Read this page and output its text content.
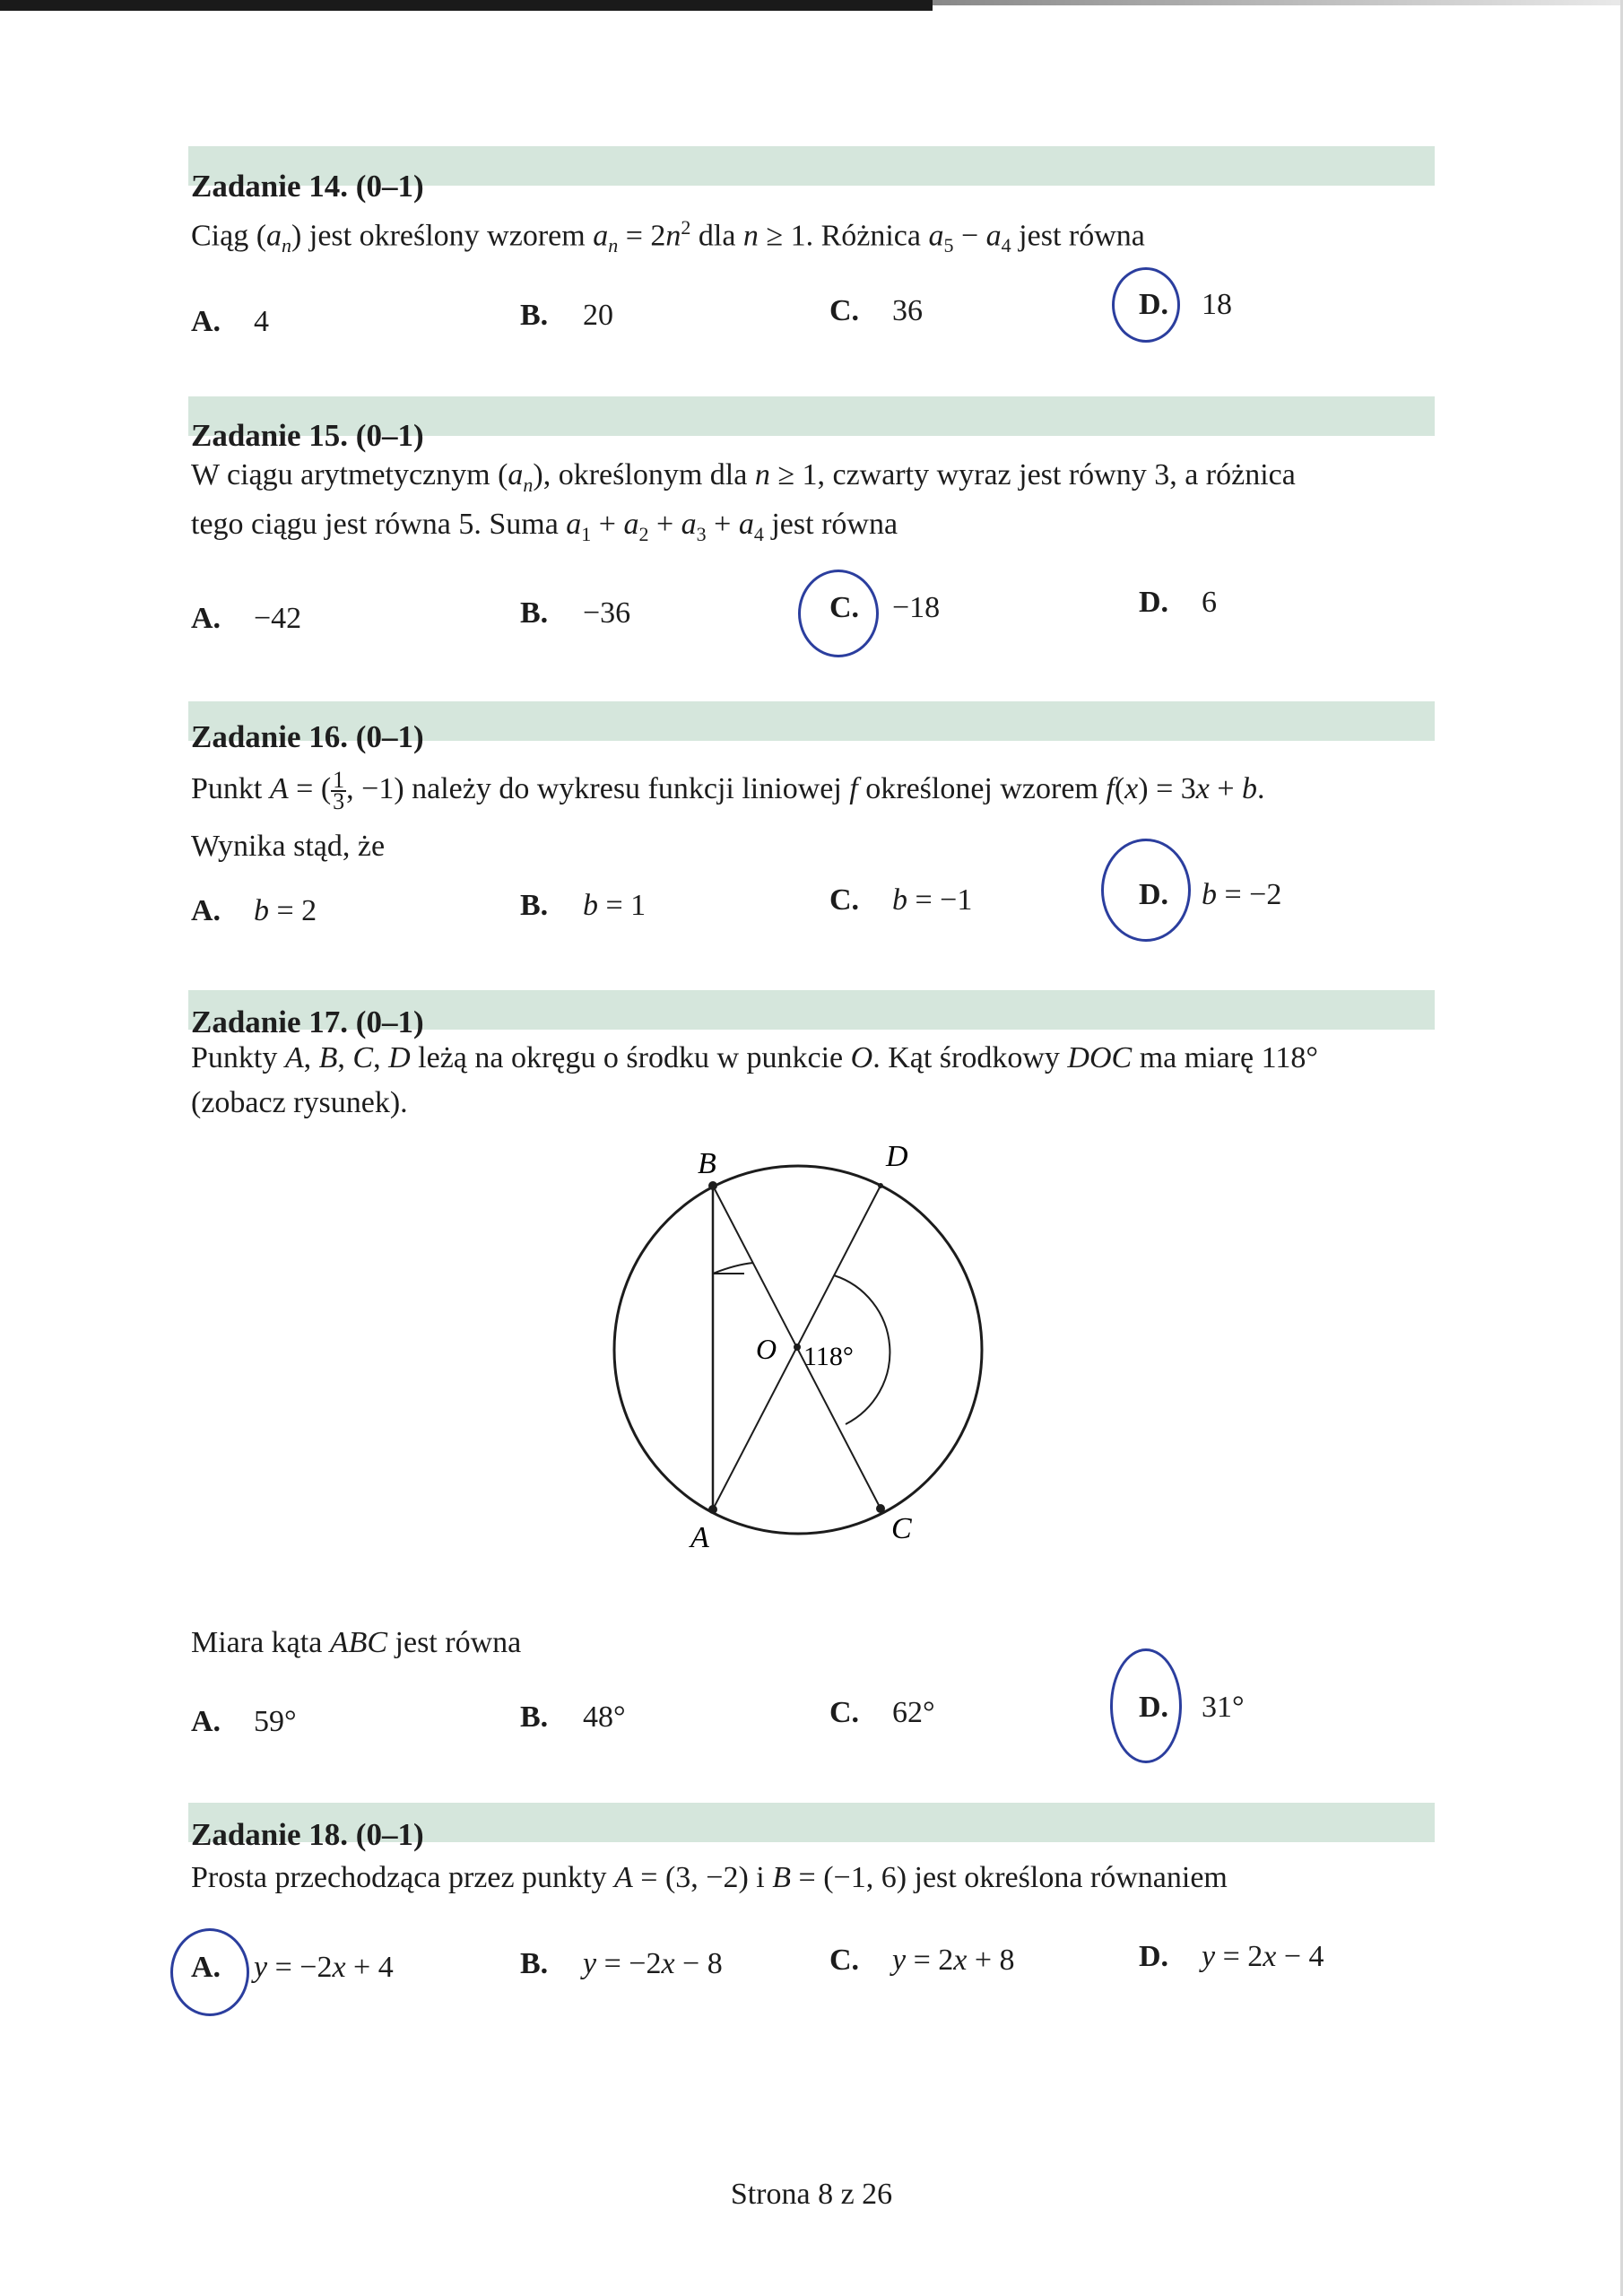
Zadanie 14. (0–1)
Ciąg $(a_n)$ jest określony wzorem $a_n = 2n^2$ dla n ≥ 1. Różnica $a_5 - a_4$ jest równa
A. 4	B. 20	C. 36	D. 18
Zadanie 15. (0–1)
W ciągu arytmetycznym $(a_n)$, określonym dla n ≥ 1, czwarty wyraz jest równy 3, a różnica
tego ciągu jest równa 5. Suma $a_1 + a_2 + a_3 + a_4$ jest równa
A. −42	B. −36	C. −18	D. 6
Zadanie 16. (0–1)
Punkt A = ( $\frac{1}{3}$ , −1) należy do wykresu funkcji liniowej f określonej wzorem f(x) = 3x + b.
Wynika stąd, że
A. b = 2	B. b = 1	C. b = −1	D. b = −2
Zadanie 17. (0–1)
Punkty A, B, C, D leżą na okręgu o środku w punkcie O. Kąt środkowy DOC ma miarę 118°
(zobacz rysunek).
B	D
O 118°
A	C
Miara kąta ABC jest równa
A. 59°	B. 48°	C. 62°	D. 31°
Zadanie 18. (0–1)
Prosta przechodząca przez punkty A = (3, −2) i B = (−1, 6) jest określona równaniem
A. y = −2x + 4	B. y = −2x − 8	C. y = 2x + 8	D. y = 2x − 4
Strona 8 z 26
